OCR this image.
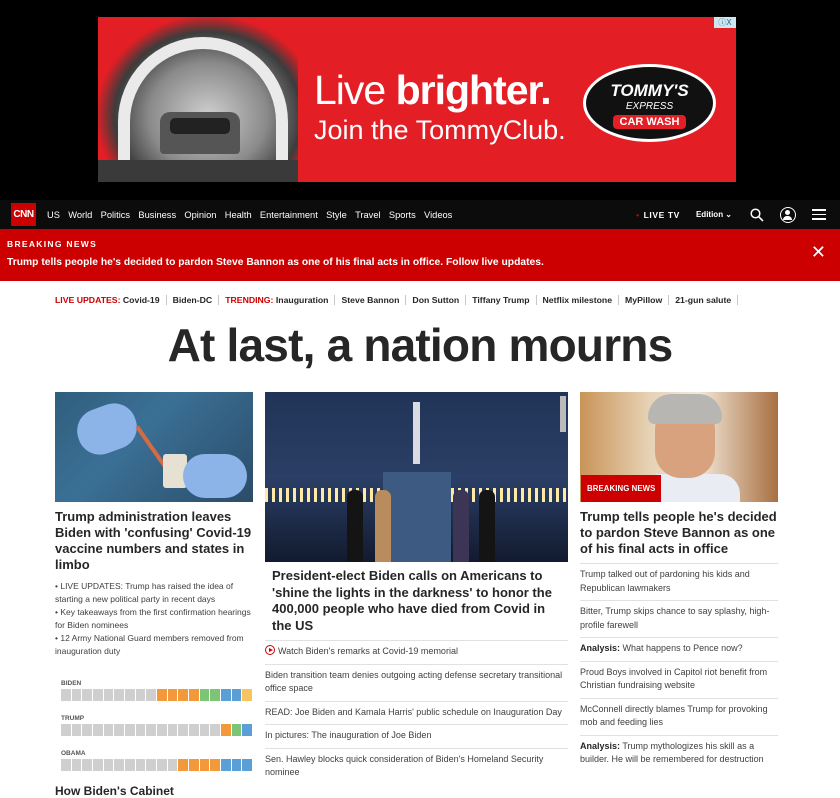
Live brighter.
Join the TommyClub.
TOMMY'S
EXPRESS
CAR WASH
ⓘX
CNN US World Politics Business Opinion Health Entertainment Style Travel Sports Videos	• LIVE TV Edition ⌄
BREAKING NEWS
Trump tells people he's decided to pardon Steve Bannon as one of his final acts in office. Follow live updates.
✕
LIVE UPDATES:
Covid-19 Biden-DC TRENDING:
Inauguration Steve Bannon Don Sutton Tiffany Trump Netflix milestone MyPillow 21-gun salute
At last, a nation mourns
Trump administration leaves Biden with 'confusing' Covid-19 vaccine numbers and states in limbo

• LIVE UPDATES: Trump has raised the idea of starting a new political party in recent days

• Key takeaways from the first confirmation hearings for Biden nominees

• 12 Army National Guard members removed from inauguration duty

BIDEN
TRUMP
OBAMA
How Biden's Cabinet
President-elect Biden calls on Americans to 'shine the lights in the darkness' to honor the 400,000 people who have died from Covid in the US
Watch Biden's remarks at Covid-19 memorial
Biden transition team denies outgoing acting defense secretary transitional office space
READ: Joe Biden and Kamala Harris' public schedule on Inauguration Day
In pictures: The inauguration of Joe Biden
Sen. Hawley blocks quick consideration of Biden's Homeland Security nominee
BREAKING NEWS
Trump tells people he's decided to pardon Steve Bannon as one of his final acts in office
Trump talked out of pardoning his kids and Republican lawmakers
Bitter, Trump skips chance to say splashy, high-profile farewell
Analysis: What happens to Pence now?
Proud Boys involved in Capitol riot benefit from Christian fundraising website
McConnell directly blames Trump for provoking mob and feeding lies
Analysis: Trump mythologizes his skill as a builder. He will be remembered for destruction
